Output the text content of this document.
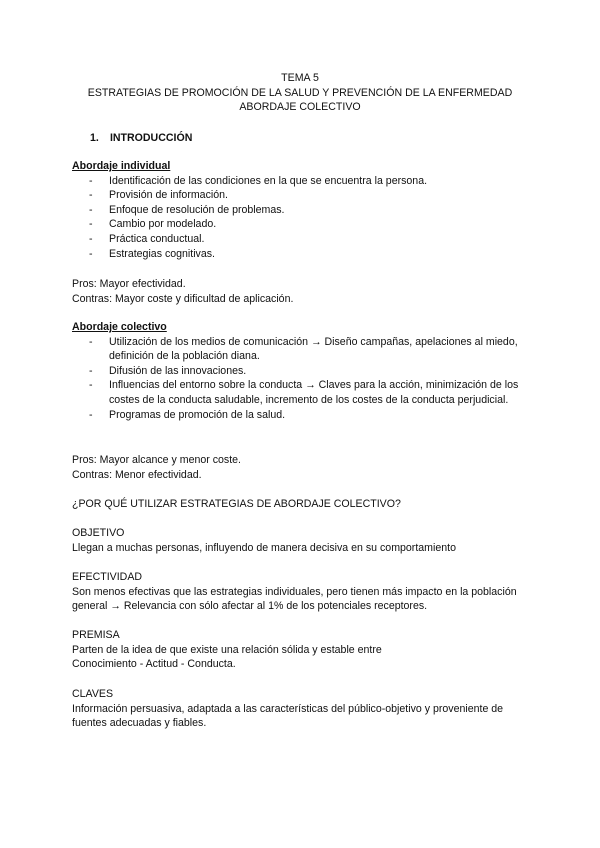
TEMA 5
ESTRATEGIAS DE PROMOCIÓN DE LA SALUD Y PREVENCIÓN DE LA ENFERMEDAD
ABORDAJE COLECTIVO
1. INTRODUCCIÓN
Abordaje individual
- Identificación de las condiciones en la que se encuentra la persona.
- Provisión de información.
- Enfoque de resolución de problemas.
- Cambio por modelado.
- Práctica conductual.
- Estrategias cognitivas.
Pros: Mayor efectividad.
Contras: Mayor coste y dificultad de aplicación.
Abordaje colectivo
- Utilización de los medios de comunicación → Diseño campañas, apelaciones al miedo, definición de la población diana.
- Difusión de las innovaciones.
- Influencias del entorno sobre la conducta → Claves para la acción, minimización de los costes de la conducta saludable, incremento de los costes de la conducta perjudicial.
- Programas de promoción de la salud.
Pros: Mayor alcance y menor coste.
Contras: Menor efectividad.
¿POR QUÉ UTILIZAR ESTRATEGIAS DE ABORDAJE COLECTIVO?
OBJETIVO
Llegan a muchas personas, influyendo de manera decisiva en su comportamiento
EFECTIVIDAD
Son menos efectivas que las estrategias individuales, pero tienen más impacto en la población general → Relevancia con sólo afectar al 1% de los potenciales receptores.
PREMISA
Parten de la idea de que existe una relación sólida y estable entre
Conocimiento - Actitud - Conducta.
CLAVES
Información persuasiva, adaptada a las características del público-objetivo y proveniente de fuentes adecuadas y fiables.
